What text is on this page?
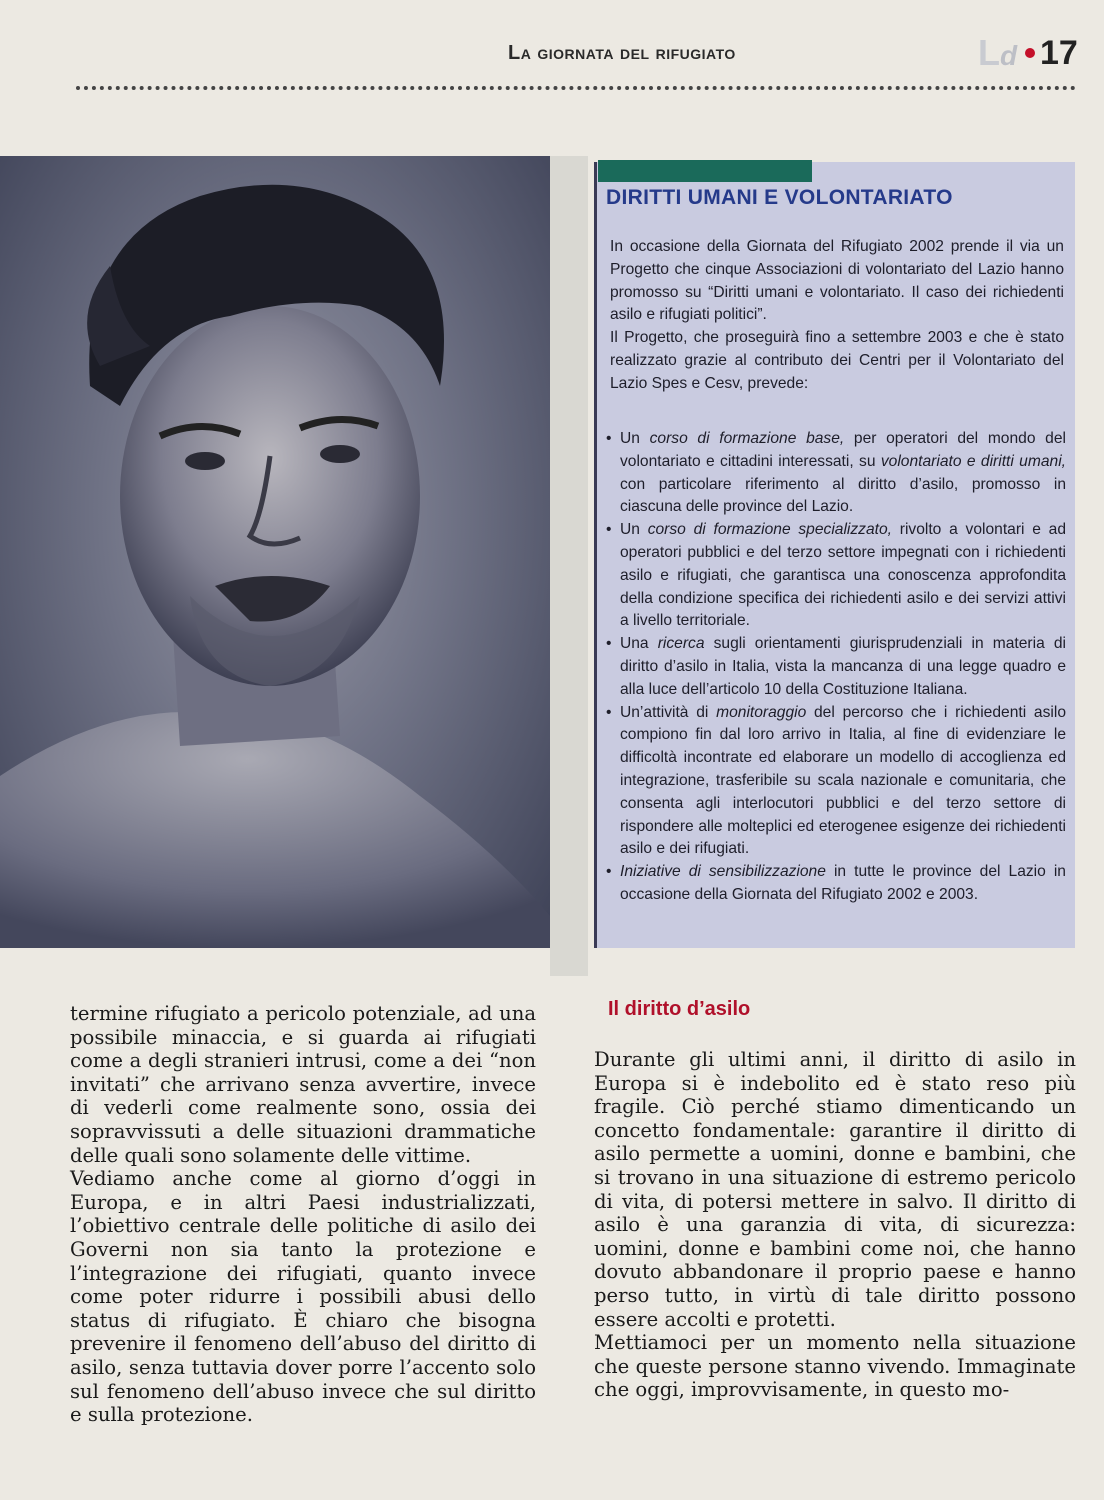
La giornata del rifugiato	Ld 17
DIRITTI UMANI E VOLONTARIATO

In occasione della Giornata del Rifugiato 2002 prende il via un Progetto che cinque Associazioni di volontariato del Lazio hanno promosso su “Diritti umani e volontariato. Il caso dei richiedenti asilo e rifugiati politici”.

Il Progetto, che proseguirà fino a settembre 2003 e che è stato realizzato grazie al contributo dei Centri per il Volontariato del Lazio Spes e Cesv, prevede:

• Un corso di formazione base, per operatori del mondo del volontariato e cittadini interessati, su volontariato e diritti umani, con particolare riferimento al diritto d’asilo, promosso in ciascuna delle province del Lazio.
• Un corso di formazione specializzato, rivolto a volontari e ad operatori pubblici e del terzo settore impegnati con i richiedenti asilo e rifugiati, che garantisca una conoscenza approfondita della condizione specifica dei richiedenti asilo e dei servizi attivi a livello territoriale.
• Una ricerca sugli orientamenti giurisprudenziali in materia di diritto d’asilo in Italia, vista la mancanza di una legge quadro e alla luce dell’articolo 10 della Costituzione Italiana.
• Un’attività di monitoraggio del percorso che i richiedenti asilo compiono fin dal loro arrivo in Italia, al fine di evidenziare le difficoltà incontrate ed elaborare un modello di accoglienza ed integrazione, trasferibile su scala nazionale e comunitaria, che consenta agli interlocutori pubblici e del terzo settore di rispondere alle molteplici ed eterogenee esigenze dei richiedenti asilo e dei rifugiati.
• Iniziative di sensibilizzazione in tutte le province del Lazio in occasione della Giornata del Rifugiato 2002 e 2003.

termine rifugiato a pericolo potenziale, ad una possibile minaccia, e si guarda ai rifugiati come a degli stranieri intrusi, come a dei “non invitati” che arrivano senza avvertire, invece di vederli come realmente sono, ossia dei sopravvissuti a delle situazioni drammatiche delle quali sono solamente delle vittime.

Vediamo anche come al giorno d’oggi in Europa, e in altri Paesi industrializzati, l’obiettivo centrale delle politiche di asilo dei Governi non sia tanto la protezione e l’integrazione dei rifugiati, quanto invece come poter ridurre i possibili abusi dello status di rifugiato. È chiaro che bisogna prevenire il fenomeno dell’abuso del diritto di asilo, senza tuttavia dover porre l’accento solo sul fenomeno dell’abuso invece che sul diritto e sulla protezione.

Il diritto d’asilo

Durante gli ultimi anni, il diritto di asilo in Europa si è indebolito ed è stato reso più fragile. Ciò perché stiamo dimenticando un concetto fondamentale: garantire il diritto di asilo permette a uomini, donne e bambini, che si trovano in una situazione di estremo pericolo di vita, di potersi mettere in salvo. Il diritto di asilo è una garanzia di vita, di sicurezza: uomini, donne e bambini come noi, che hanno dovuto abbandonare il proprio paese e hanno perso tutto, in virtù di tale diritto possono essere accolti e protetti.

Mettiamoci per un momento nella situazione che queste persone stanno vivendo. Immaginate che oggi, improvvisamente, in questo mo-
